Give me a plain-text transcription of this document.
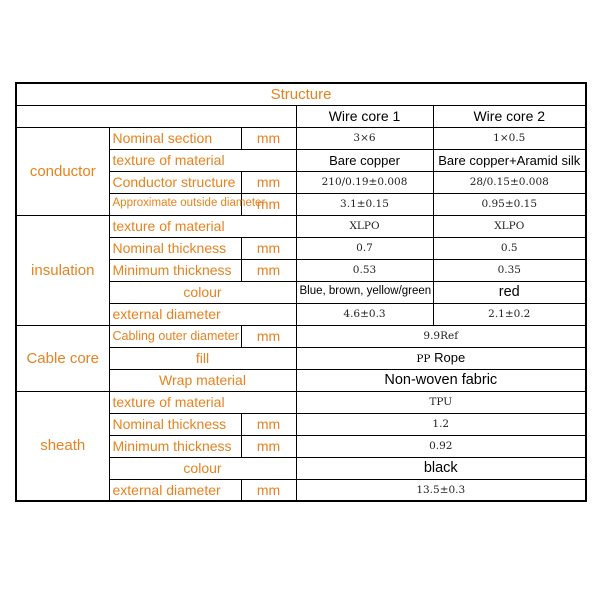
Structure				
			Wire core 1	Wire core 2
conductor	Nominal section	mm	3×6	1×0.5
	texture of material		Bare copper	Bare copper+Aramid silk
	Conductor structure	mm	210/0.19±0.008	28/0.15±0.008
	Approximate outside diameter	mm	3.1±0.15	0.95±0.15
insulation	texture of material		XLPO	XLPO
	Nominal thickness	mm	0.7	0.5
	Minimum thickness	mm	0.53	0.35
	colour		Blue, brown, yellow/green	red
	external diameter		4.6±0.3	2.1±0.2
Cable core	Cabling outer diameter	mm	9.9Ref	
	fill		PP Rope	
	Wrap material		Non-woven fabric	
sheath	texture of material		TPU	
	Nominal thickness	mm	1.2	
	Minimum thickness	mm	0.92	
	colour		black	
	external diameter	mm	13.5±0.3	
